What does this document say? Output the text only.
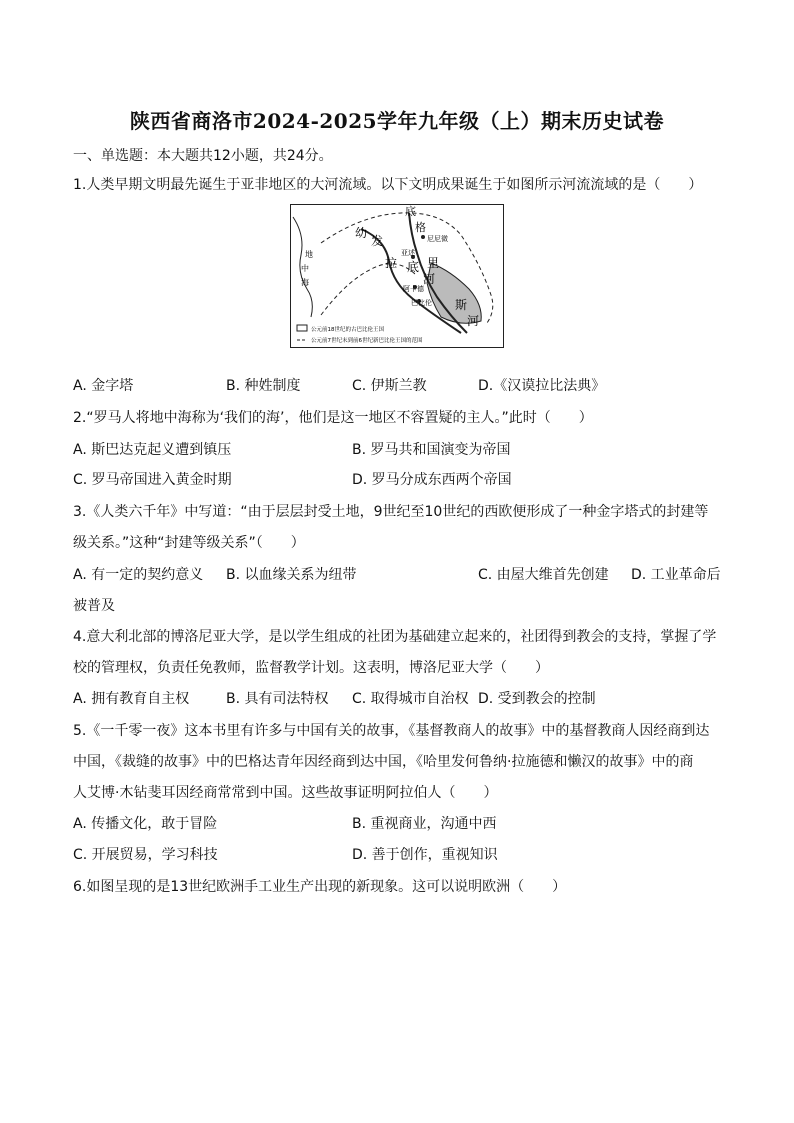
陕西省商洛市2024-2025学年九年级（上）期末历史试卷
一、单选题：本大题共12小题，共24分。
1.人类早期文明最先诞生于亚非地区的大河流域。以下文明成果诞生于如图所示河流流域的是（　　）
底
格
尼尼微
幼
发
亚述
里
拉 底
河
阿卡德
巴比伦 斯
河
地
中
海
公元前18世纪的古巴比伦王国
公元前7世纪末到前6世纪新巴比伦王国的范围
A. 金字塔	B. 种姓制度	C. 伊斯兰教	D.《汉谟拉比法典》
2.“罗马人将地中海称为‘我们的海’，他们是这一地区不容置疑的主人。”此时（　　）
A. 斯巴达克起义遭到镇压	B. 罗马共和国演变为帝国
C. 罗马帝国进入黄金时期	D. 罗马分成东西两个帝国
3.《人类六千年》中写道：“由于层层封受土地，9世纪至10世纪的西欧便形成了一种金字塔式的封建等
级关系。”这种“封建等级关系”（　　）
A. 有一定的契约意义 B. 以血缘关系为纽带	C. 由屋大维首先创建 D. 工业革命后
被普及
4.意大利北部的博洛尼亚大学，是以学生组成的社团为基础建立起来的，社团得到教会的支持，掌握了学
校的管理权，负责任免教师，监督教学计划。这表明，博洛尼亚大学（　　）
A. 拥有教育自主权	B. 具有司法特权 C. 取得城市自治权 D. 受到教会的控制
5.《一千零一夜》这本书里有许多与中国有关的故事，《基督教商人的故事》中的基督教商人因经商到达
中国，《裁缝的故事》中的巴格达青年因经商到达中国，《哈里发何鲁纳·拉施德和懒汉的故事》中的商
人艾博·木钻斐耳因经商常常到中国。这些故事证明阿拉伯人（　　）
A. 传播文化，敢于冒险	B. 重视商业，沟通中西
C. 开展贸易，学习科技	D. 善于创作，重视知识
6.如图呈现的是13世纪欧洲手工业生产出现的新现象。这可以说明欧洲（　　）
